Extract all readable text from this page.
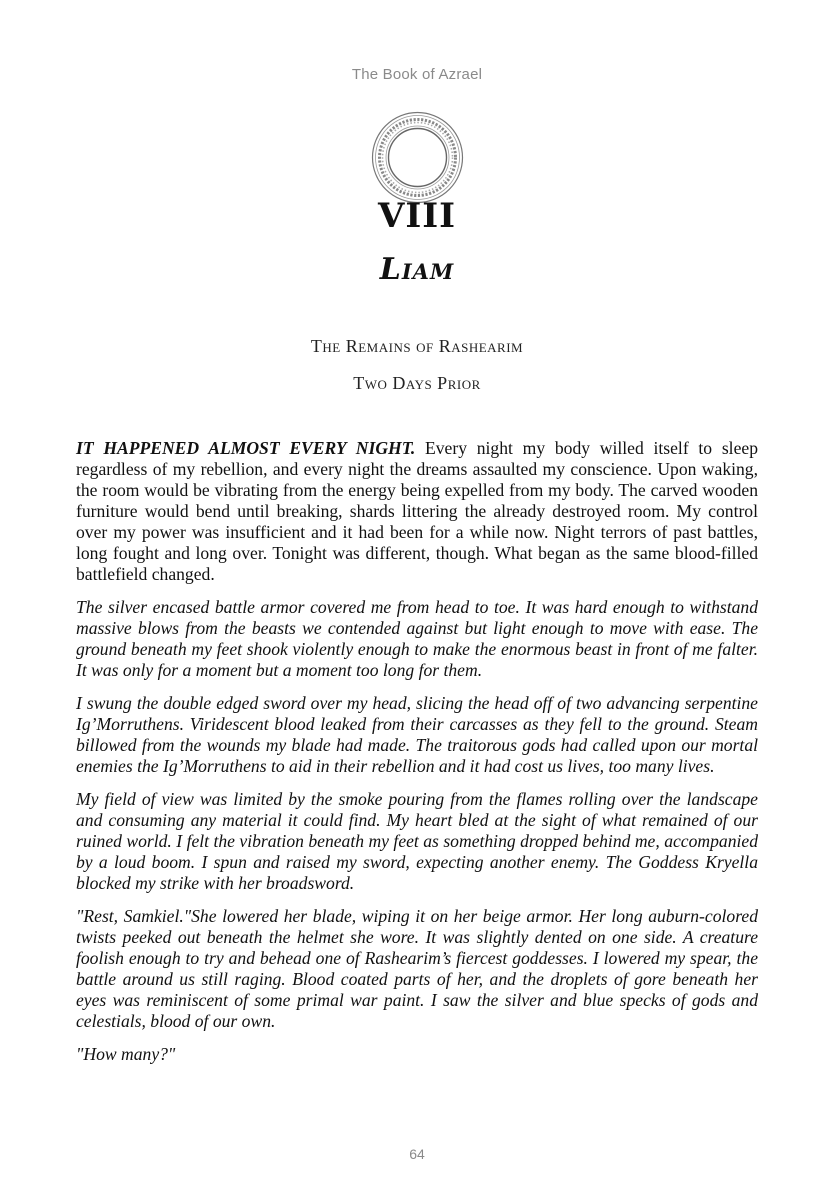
The Book of Azrael
VIII
Liam
The Remains of Rashearim
Two Days Prior

IT HAPPENED ALMOST EVERY NIGHT. Every night my body willed itself to sleep regardless of my rebellion, and every night the dreams assaulted my conscience. Upon waking, the room would be vibrating from the energy being expelled from my body. The carved wooden furniture would bend until breaking, shards littering the already destroyed room. My control over my power was insufficient and it had been for a while now. Night terrors of past battles, long fought and long over. Tonight was different, though. What began as the same blood-filled battlefield changed.

The silver encased battle armor covered me from head to toe. It was hard enough to withstand massive blows from the beasts we contended against but light enough to move with ease. The ground beneath my feet shook violently enough to make the enormous beast in front of me falter. It was only for a moment but a moment too long for them.

I swung the double edged sword over my head, slicing the head off of two advancing serpentine Ig’Morruthens. Viridescent blood leaked from their carcasses as they fell to the ground. Steam billowed from the wounds my blade had made. The traitorous gods had called upon our mortal enemies the Ig’Morruthens to aid in their rebellion and it had cost us lives, too many lives.

My field of view was limited by the smoke pouring from the flames rolling over the landscape and consuming any material it could find. My heart bled at the sight of what remained of our ruined world. I felt the vibration beneath my feet as something dropped behind me, accompanied by a loud boom. I spun and raised my sword, expecting another enemy. The Goddess Kryella blocked my strike with her broadsword.

"Rest, Samkiel."She lowered her blade, wiping it on her beige armor. Her long auburn-colored twists peeked out beneath the helmet she wore. It was slightly dented on one side. A creature foolish enough to try and behead one of Rashearim’s fiercest goddesses. I lowered my spear, the battle around us still raging. Blood coated parts of her, and the droplets of gore beneath her eyes was reminiscent of some primal war paint. I saw the silver and blue specks of gods and celestials, blood of our own.

"How many?"

64
